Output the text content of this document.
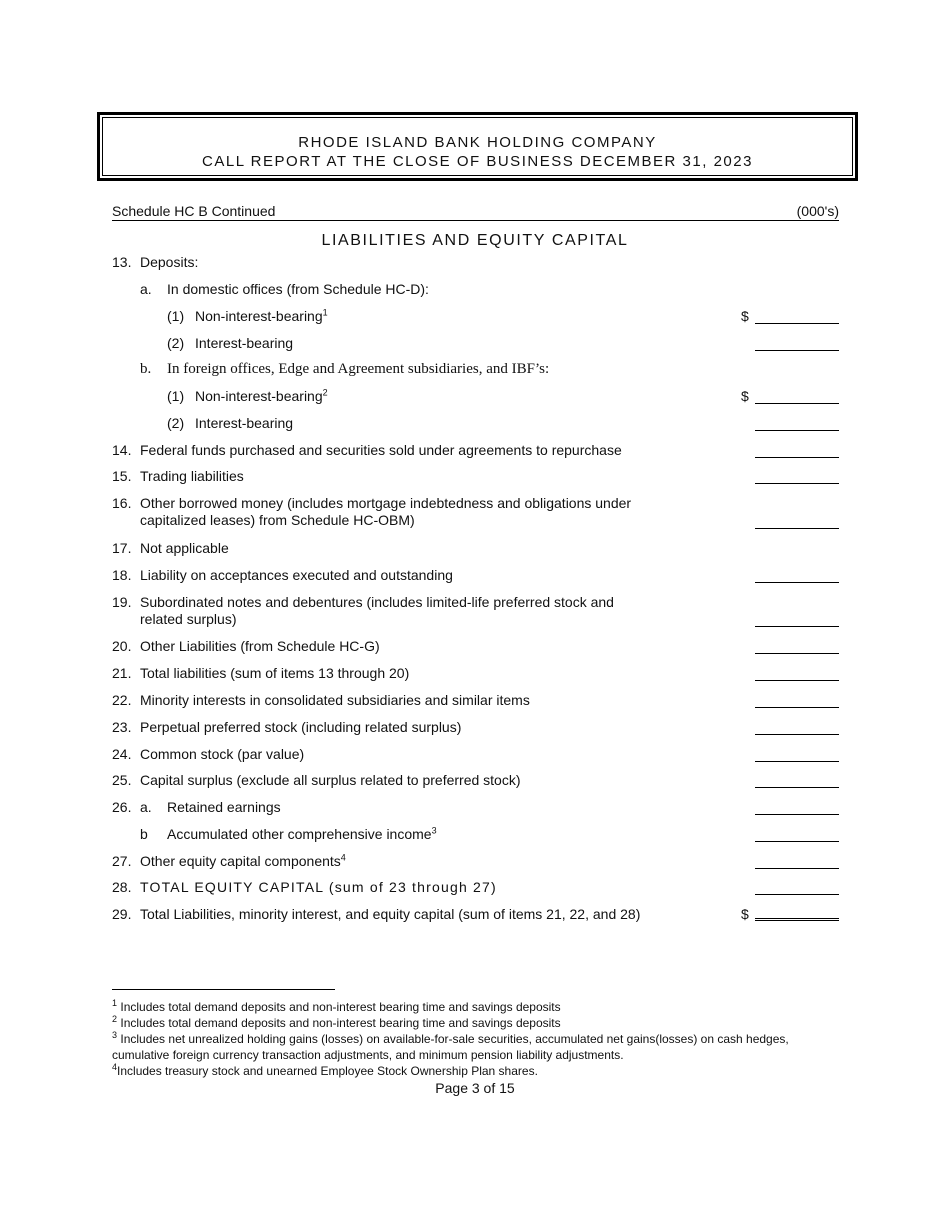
RHODE ISLAND BANK HOLDING COMPANY
CALL REPORT AT THE CLOSE OF BUSINESS DECEMBER 31, 2023
Schedule HC B Continued	(000's)
LIABILITIES AND EQUITY CAPITAL
13. Deposits:
a. In domestic offices (from Schedule HC-D):
(1) Non-interest-bearing$^1$	$
(2) Interest-bearing
b. In foreign offices, Edge and Agreement subsidiaries, and IBF’s:
(1) Non-interest-bearing$^2$	$
(2) Interest-bearing
14. Federal funds purchased and securities sold under agreements to repurchase
15. Trading liabilities
16. Other borrowed money (includes mortgage indebtedness and obligations under capitalized leases) from Schedule HC-OBM)
17. Not applicable
18. Liability on acceptances executed and outstanding
19. Subordinated notes and debentures (includes limited-life preferred stock and related surplus)
20. Other Liabilities (from Schedule HC-G)
21. Total liabilities (sum of items 13 through 20)
22. Minority interests in consolidated subsidiaries and similar items
23. Perpetual preferred stock (including related surplus)
24. Common stock (par value)
25. Capital surplus (exclude all surplus related to preferred stock)
26. a. Retained earnings
b Accumulated other comprehensive income$^3$
27. Other equity capital components$^4$
28. TOTAL EQUITY CAPITAL (sum of 23 through 27)
29. Total Liabilities, minority interest, and equity capital (sum of items 21, 22, and 28)	$
$^1$ Includes total demand deposits and non-interest bearing time and savings deposits
$^2$ Includes total demand deposits and non-interest bearing time and savings deposits
$^3$ Includes net unrealized holding gains (losses) on available-for-sale securities, accumulated net gains(losses) on cash hedges, cumulative foreign currency transaction adjustments, and minimum pension liability adjustments.
$^4$Includes treasury stock and unearned Employee Stock Ownership Plan shares.
Page 3 of 15
